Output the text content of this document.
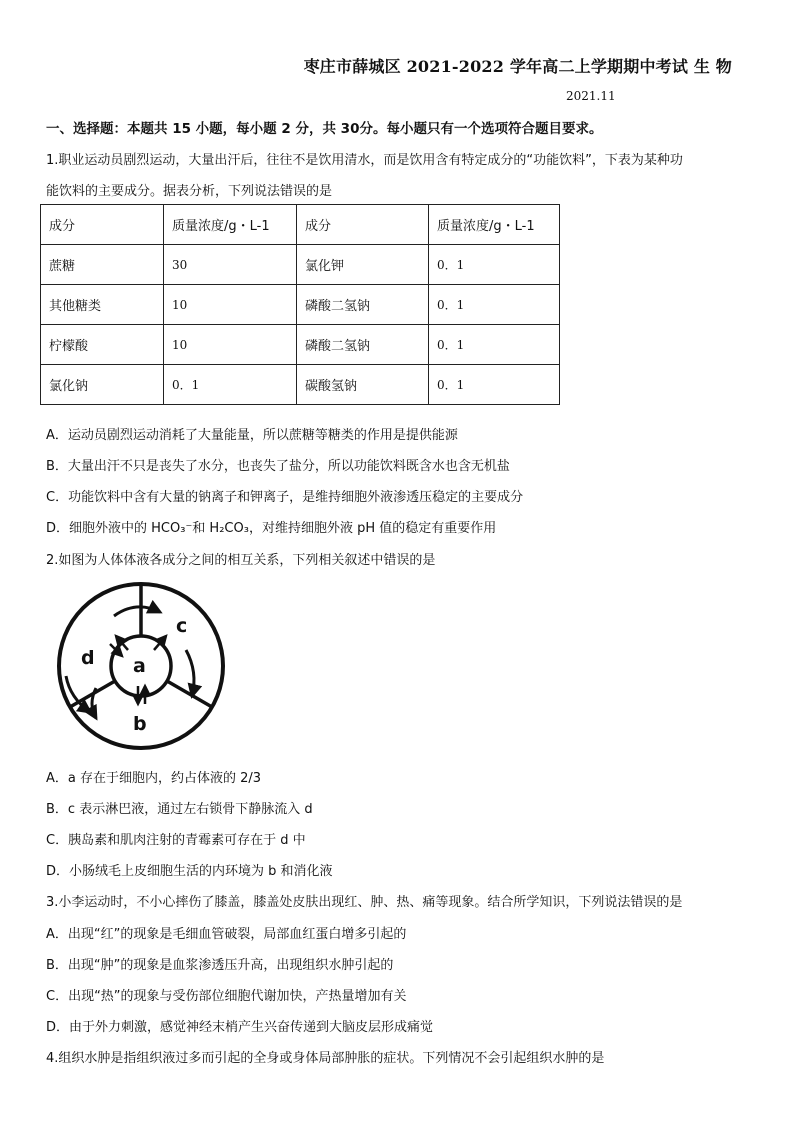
枣庄市薛城区 2021-2022 学年高二上学期期中考试 生 物
2021.11
一、选择题：本题共 15 小题，每小题 2 分，共 30分。每小题只有一个选项符合题目要求。
1.职业运动员剧烈运动，大量出汗后，往往不是饮用清水，而是饮用含有特定成分的“功能饮料”，下表为某种功
能饮料的主要成分。据表分析，下列说法错误的是
成分	质量浓度/g・L-1	成分	质量浓度/g・L-1
蔗糖	30	氯化钾	0．1
其他糖类	10	磷酸二氢钠	0．1
柠檬酸	10	磷酸二氢钠	0．1
氯化钠	0．1	碳酸氢钠	0．1
A．运动员剧烈运动消耗了大量能量，所以蔗糖等糖类的作用是提供能源
B．大量出汗不只是丧失了水分，也丧失了盐分，所以功能饮料既含水也含无机盐
C．功能饮料中含有大量的钠离子和钾离子，是维持细胞外液渗透压稳定的主要成分
D．细胞外液中的 HCO₃⁻和 H₂CO₃，对维持细胞外液 pH 值的稳定有重要作用
2.如图为人体体液各成分之间的相互关系，下列相关叙述中错误的是
a
b
c
d
A．a 存在于细胞内，约占体液的 2/3
B．c 表示淋巴液，通过左右锁骨下静脉流入 d
C．胰岛素和肌肉注射的青霉素可存在于 d 中
D．小肠绒毛上皮细胞生活的内环境为 b 和消化液
3.小李运动时，不小心摔伤了膝盖，膝盖处皮肤出现红、肿、热、痛等现象。结合所学知识，下列说法错误的是
A．出现“红”的现象是毛细血管破裂，局部血红蛋白增多引起的
B．出现“肿”的现象是血浆渗透压升高，出现组织水肿引起的
C．出现“热”的现象与受伤部位细胞代谢加快，产热量增加有关
D．由于外力刺激，感觉神经末梢产生兴奋传递到大脑皮层形成痛觉
4.组织水肿是指组织液过多而引起的全身或身体局部肿胀的症状。下列情况不会引起组织水肿的是
